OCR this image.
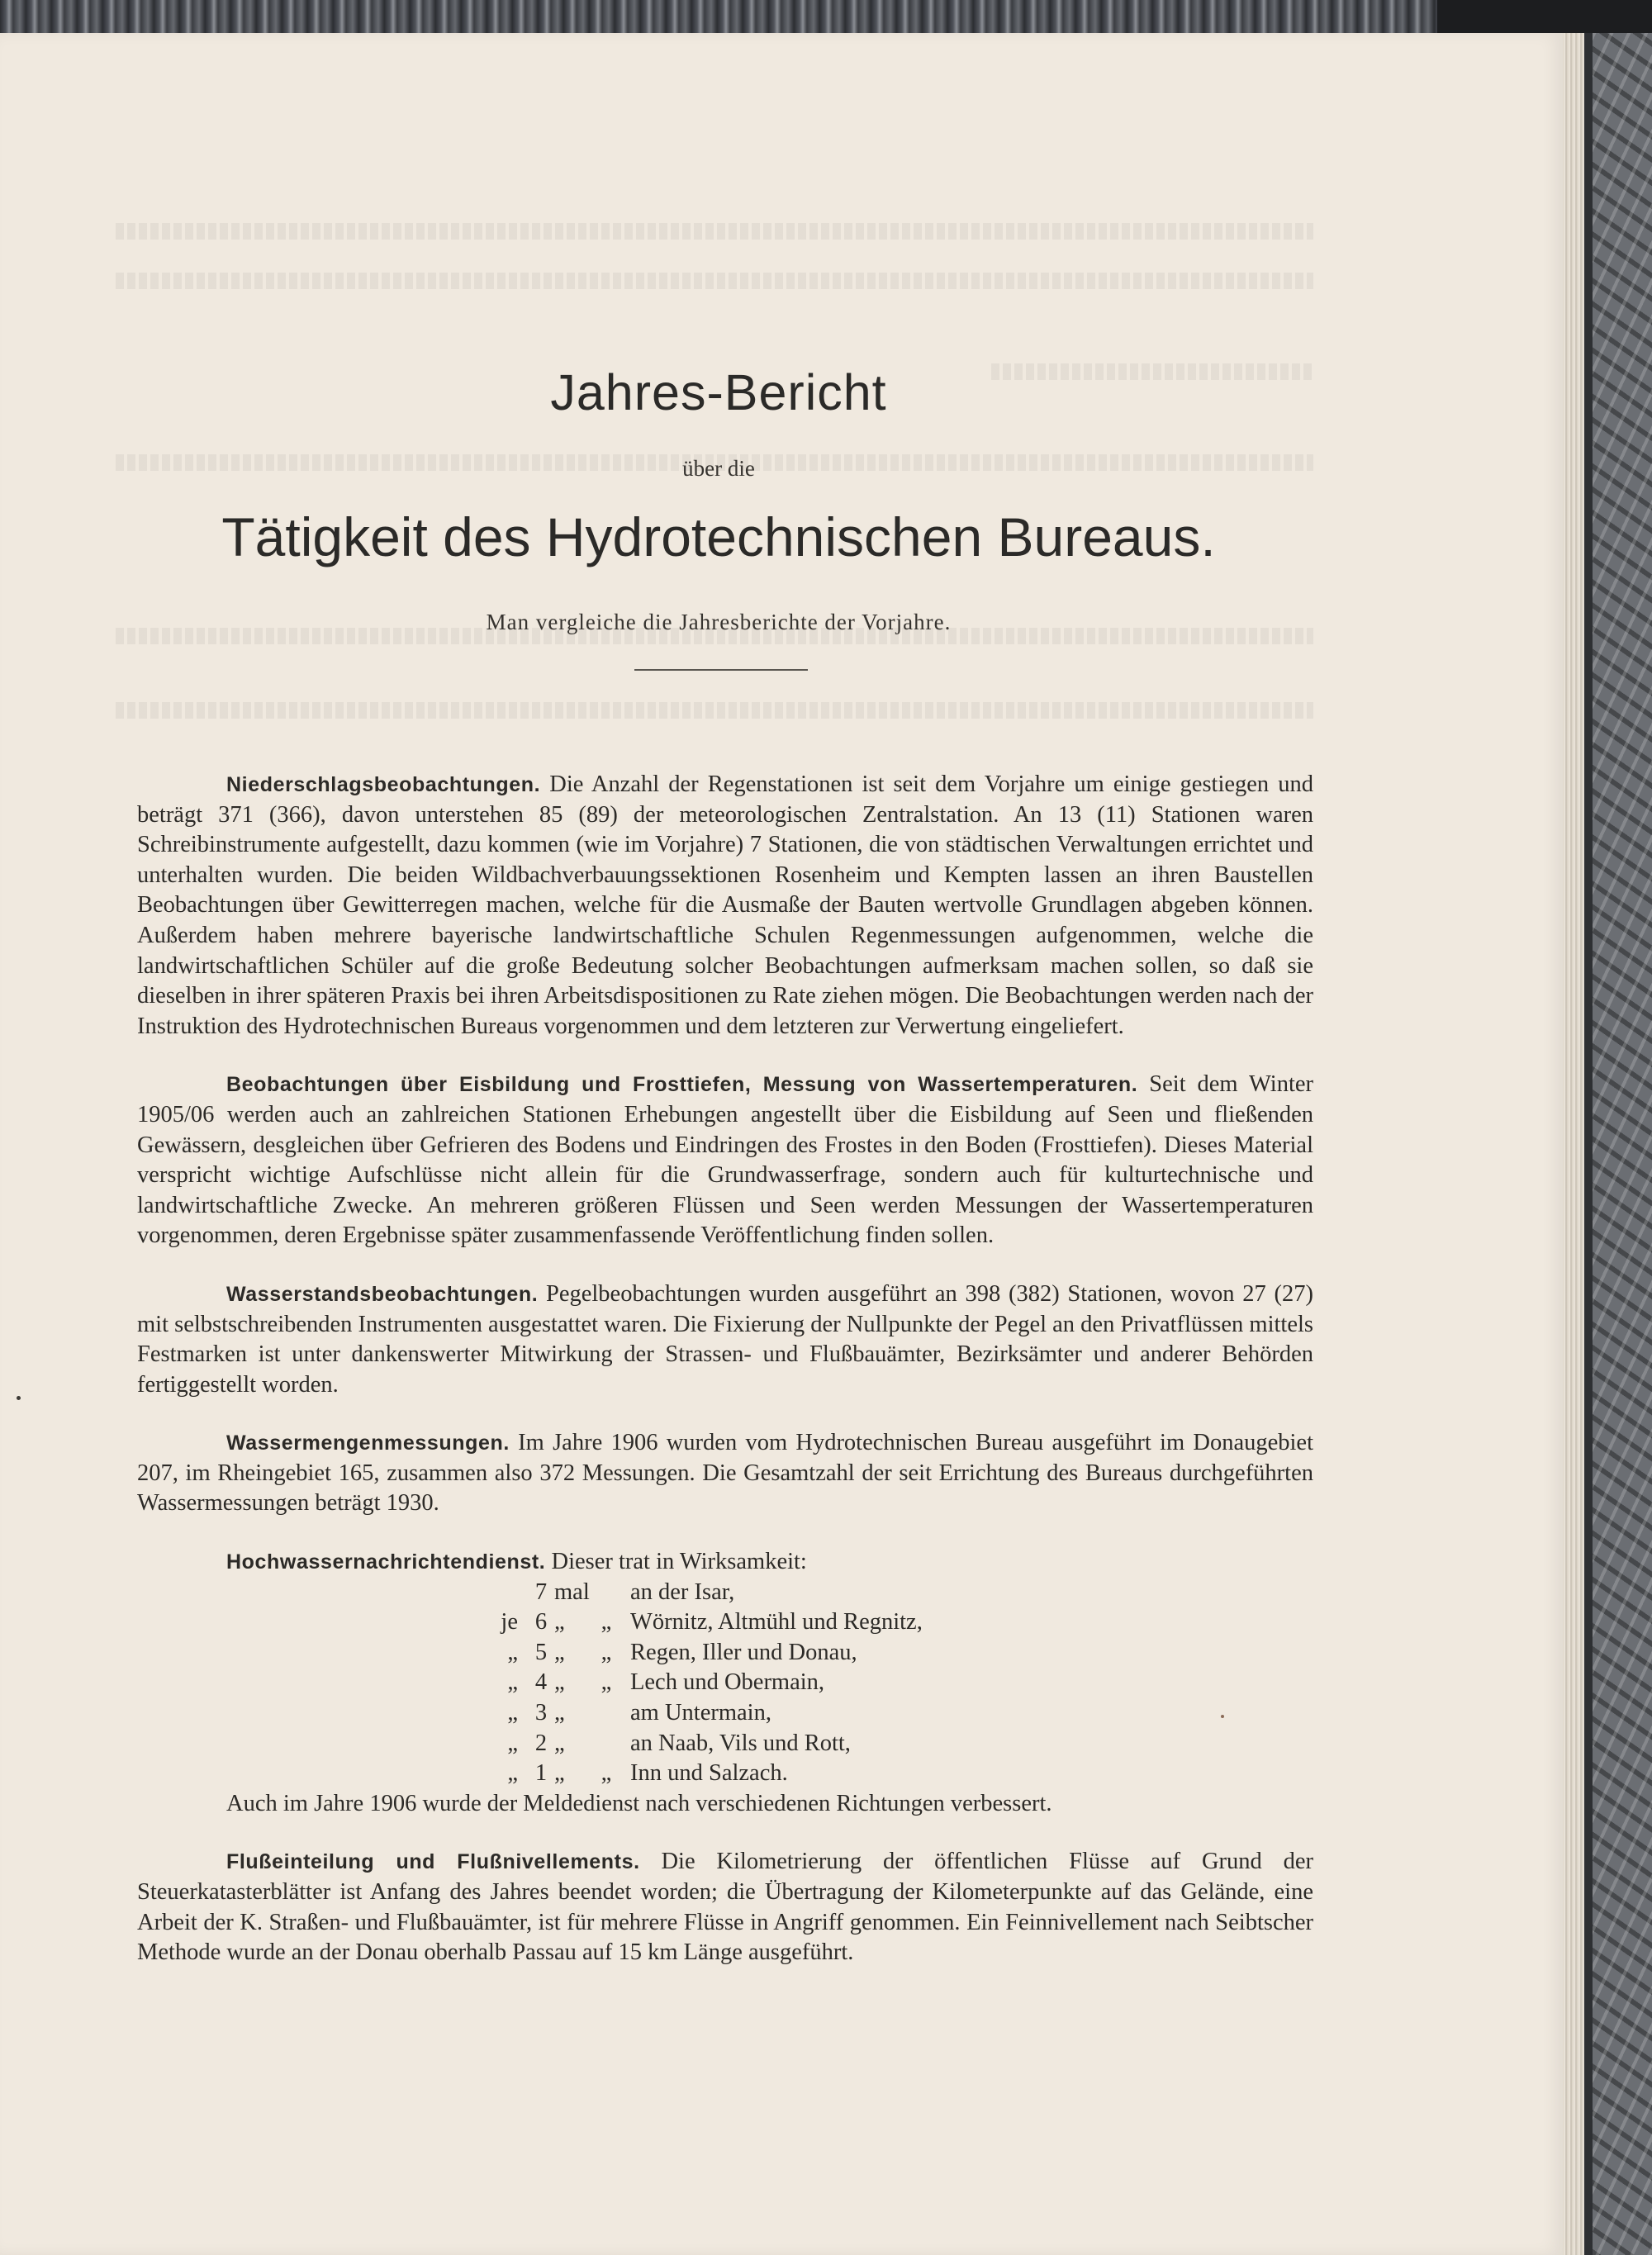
Jahres-Bericht
über die
Tätigkeit des Hydrotechnischen Bureaus.
Man vergleiche die Jahresberichte der Vorjahre.

Niederschlagsbeobachtungen. Die Anzahl der Regenstationen ist seit dem Vorjahre um einige gestiegen und beträgt 371 (366), davon unterstehen 85 (89) der meteorologischen Zentralstation. An 13 (11) Stationen waren Schreibinstrumente aufgestellt, dazu kommen (wie im Vorjahre) 7 Stationen, die von städtischen Verwaltungen errichtet und unterhalten wurden. Die beiden Wildbachverbauungssektionen Rosenheim und Kempten lassen an ihren Baustellen Beobachtungen über Gewitterregen machen, welche für die Ausmaße der Bauten wertvolle Grundlagen abgeben können. Außerdem haben mehrere bayerische landwirtschaftliche Schulen Regenmessungen aufgenommen, welche die landwirtschaftlichen Schüler auf die große Bedeutung solcher Beobachtungen aufmerksam machen sollen, so daß sie dieselben in ihrer späteren Praxis bei ihren Arbeitsdispositionen zu Rate ziehen mögen. Die Beobachtungen werden nach der Instruktion des Hydrotechnischen Bureaus vorgenommen und dem letzteren zur Verwertung eingeliefert.

Beobachtungen über Eisbildung und Frosttiefen, Messung von Wassertemperaturen. Seit dem Winter 1905/06 werden auch an zahlreichen Stationen Erhebungen angestellt über die Eisbildung auf Seen und fließenden Gewässern, desgleichen über Gefrieren des Bodens und Eindringen des Frostes in den Boden (Frosttiefen). Dieses Material verspricht wichtige Aufschlüsse nicht allein für die Grundwasserfrage, sondern auch für kulturtechnische und landwirtschaftliche Zwecke. An mehreren größeren Flüssen und Seen werden Messungen der Wassertemperaturen vorgenommen, deren Ergebnisse später zusammenfassende Veröffentlichung finden sollen.

Wasserstandsbeobachtungen. Pegelbeobachtungen wurden ausgeführt an 398 (382) Stationen, wovon 27 (27) mit selbstschreibenden Instrumenten ausgestattet waren. Die Fixierung der Nullpunkte der Pegel an den Privatflüssen mittels Festmarken ist unter dankenswerter Mitwirkung der Strassen- und Flußbauämter, Bezirksämter und anderer Behörden fertiggestellt worden.

Wassermengenmessungen. Im Jahre 1906 wurden vom Hydrotechnischen Bureau ausgeführt im Donaugebiet 207, im Rheingebiet 165, zusammen also 372 Messungen. Die Gesamtzahl der seit Errichtung des Bureaus durchgeführten Wassermessungen beträgt 1930.

Hochwassernachrichtendienst. Dieser trat in Wirksamkeit:
7 mal an der Isar,
je 6 „	„ Wörnitz, Altmühl und Regnitz,
„ 5 „	„ Regen, Iller und Donau,
„ 4 „	„ Lech und Obermain,
„ 3 „	am Untermain,
„ 2 „	an Naab, Vils und Rott,
„ 1 „	„ Inn und Salzach.
Auch im Jahre 1906 wurde der Meldedienst nach verschiedenen Richtungen verbessert.

Flußeinteilung und Flußnivellements. Die Kilometrierung der öffentlichen Flüsse auf Grund der Steuerkatasterblätter ist Anfang des Jahres beendet worden; die Übertragung der Kilometerpunkte auf das Gelände, eine Arbeit der K. Straßen- und Flußbauämter, ist für mehrere Flüsse in Angriff genommen. Ein Feinnivellement nach Seibtscher Methode wurde an der Donau oberhalb Passau auf 15 km Länge ausgeführt.
